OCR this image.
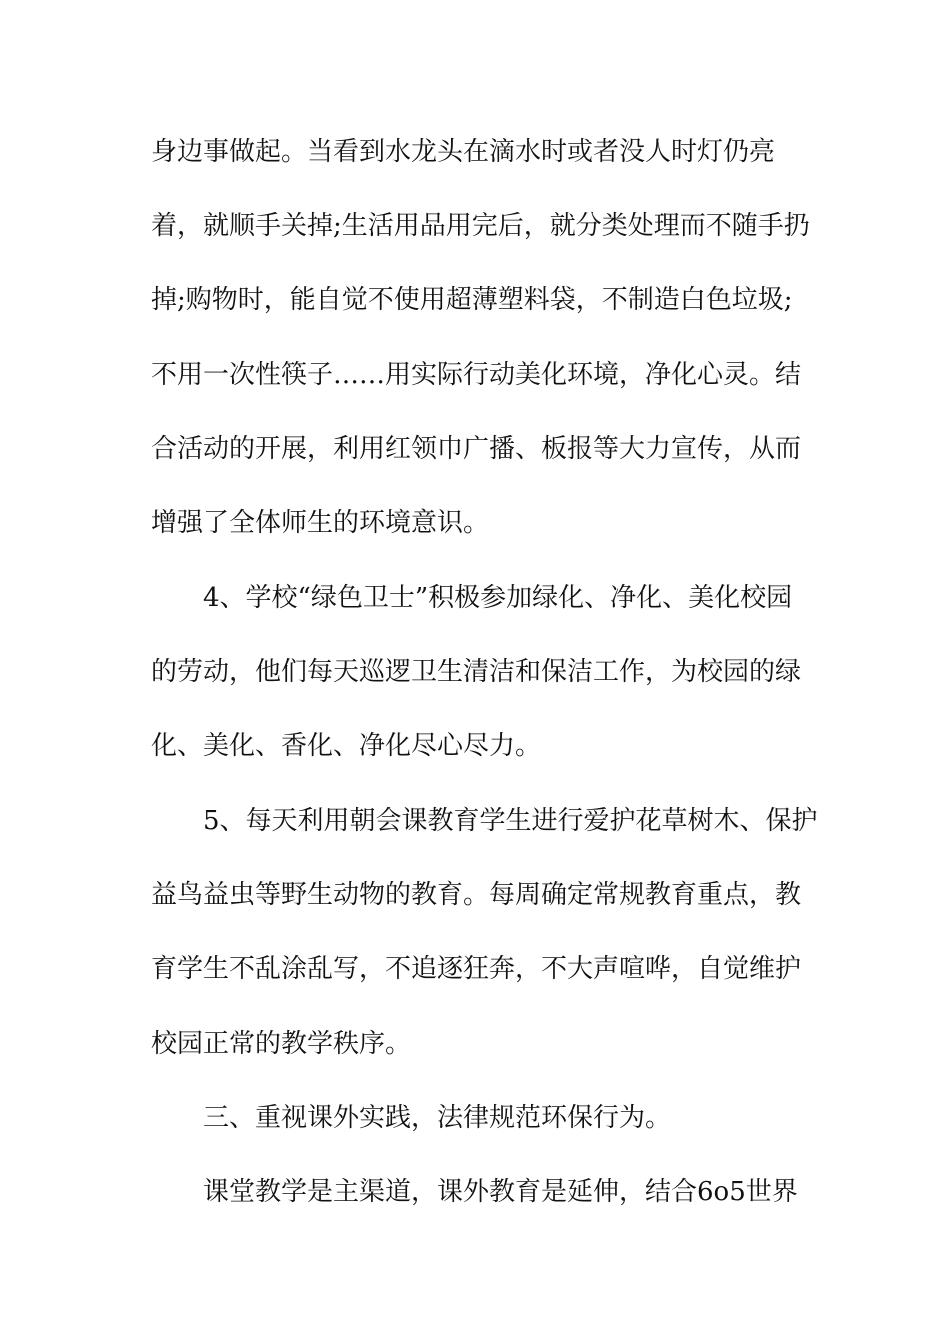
身边事做起。当看到水龙头在滴水时或者没人时灯仍亮
着，就顺手关掉;生活用品用完后，就分类处理而不随手扔
掉;购物时，能自觉不使用超薄塑料袋，不制造白色垃圾;
不用一次性筷子……用实际行动美化环境，净化心灵。结
合活动的开展，利用红领巾广播、板报等大力宣传，从而
增强了全体师生的环境意识。
4、学校“绿色卫士”积极参加绿化、净化、美化校园
的劳动，他们每天巡逻卫生清洁和保洁工作，为校园的绿
化、美化、香化、净化尽心尽力。
5、每天利用朝会课教育学生进行爱护花草树木、保护
益鸟益虫等野生动物的教育。每周确定常规教育重点，教
育学生不乱涂乱写，不追逐狂奔，不大声喧哗，自觉维护
校园正常的教学秩序。
三、重视课外实践，法律规范环保行为。
课堂教学是主渠道，课外教育是延伸，结合6o5世界
